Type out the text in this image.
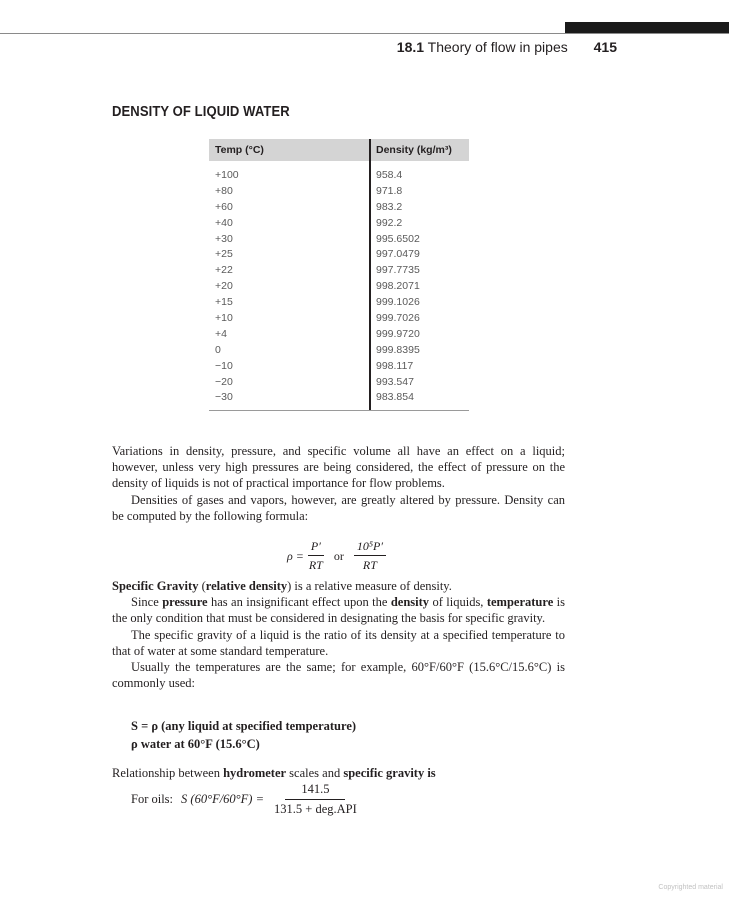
18.1 Theory of flow in pipes 415
DENSITY OF LIQUID WATER
Temp (°C)	Density (kg/m³)
+100	958.4
+80	971.8
+60	983.2
+40	992.2
+30	995.6502
+25	997.0479
+22	997.7735
+20	998.2071
+15	999.1026
+10	999.7026
+4	999.9720
0	999.8395
−10	998.117
−20	993.547
−30	983.854

Variations in density, pressure, and specific volume all have an effect on a liquid; however, unless very high pressures are being considered, the effect of pressure on the density of liquids is not of practical importance for flow problems.
Densities of gases and vapors, however, are greatly altered by pressure. Density can be computed by the following formula:

$\rho = \frac{P'}{RT}$ or $\frac{\text{10⁵P′}}{RT}$

Specific Gravity (relative density) is a relative measure of density.
Since pressure has an insignificant effect upon the density of liquids, temperature is the only condition that must be considered in designating the basis for specific gravity.
The specific gravity of a liquid is the ratio of its density at a specified temperature to that of water at some standard temperature.
Usually the temperatures are the same; for example, 60°F/60°F (15.6°C/15.6°C) is commonly used:

S = ρ (any liquid at specified temperature)

ρ water at 60°F (15.6°C)

Relationship between hydrometer scales and specific gravity is

For oils: S $(60^\circ F/60^\circ F) = \frac{141.5}{\text{131.5 + deg.API}}$
Copyrighted material
